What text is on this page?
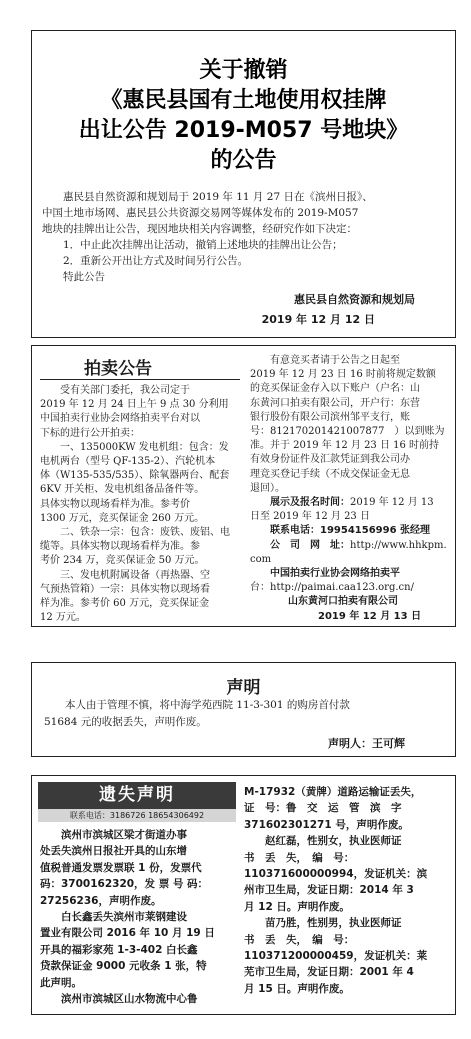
关于撤销
《惠民县国有土地使用权挂牌
出让公告 2019-M057 号地块》
的公告

　　惠民县自然资源和规划局于 2019 年 11 月 27 日在《滨州日报》、

中国土地市场网、惠民县公共资源交易网等媒体发布的 2019-M057

地块的挂牌出让公告，现因地块相关内容调整，经研究作如下决定：

　　1．中止此次挂牌出让活动，撤销上述地块的挂牌出让公告；

　　2．重新公开出让方式及时间另行公告。

　　特此公告

惠民县自然资源和规划局
2019 年 12 月 12 日
拍卖公告

　　受有关部门委托，我公司定于

2019 年 12 月 24 日上午 9 点 30 分利用

中国拍卖行业协会网络拍卖平台对以

下标的进行公开拍卖：

　　一、135000KW 发电机组：包含：发

电机两台（型号 QF-135-2）、汽轮机本

体（W135-535/535）、除氧器两台、配套

6KV 开关柜、发电机组备品备件等。

具体实物以现场看样为准。参考价

1300 万元，竞买保证金 260 万元。

　　二、铁杂一宗：包含：废铁、废铝、电

缆等。具体实物以现场看样为准。参

考价 234 万，竞买保证金 50 万元。

　　三、发电机附属设备（再热器、空

气预热管箱）一宗：具体实物以现场看

样为准。参考价 60 万元，竞买保证金

12 万元。

　　有意竞买者请于公告之日起至

2019 年 12 月 23 日 16 时前将规定数额

的竞买保证金存入以下账户（户名：山

东黄河口拍卖有限公司，开户行：东营

银行股份有限公司滨州邹平支行，账

号：812170201421007877　）以到账为

准。并于 2019 年 12 月 23 日 16 时前持

有效身份证件及汇款凭证到我公司办

理竞买登记手续（不成交保证金无息

退回）。

　　展示及报名时间：2019 年 12 月 13

日至 2019 年 12 月 23 日

联系电话：19954156996 张经理

公　司　网　址：http://www.hhkpm.

com

中国拍卖行业协会网络拍卖平

台：http://paimai.caa123.org.cn/

山东黄河口拍卖有限公司

2019 年 12 月 13 日

声明
　　本人由于管理不慎，将中海学苑西院 11-3-301 的购房首付款
51684 元的收据丢失，声明作废。
声明人：王可辉
遗失声明
联系电话：3186726 18654306492

　　滨州市滨城区梁才街道办事

处丢失滨州日报社开具的山东增

值税普通发票发票联 1 份，发票代

码：3700162320，发 票 号 码：

27256236，声明作废。

　　白长鑫丢失滨州市莱钢建设

置业有限公司 2016 年 10 月 19 日

开具的福彩家苑 1-3-402 白长鑫

贷款保证金 9000 元收条 1 张，特

此声明。

　　滨州市滨城区山水物流中心鲁

M-17932（黄牌）道路运输证丢失，

证　号：鲁　交　运　管　滨　字

371602301271 号，声明作废。

　　赵红磊，性别女，执业医师证

书　丢　失，　编　号：

110371600000994，发证机关：滨

州市卫生局，发证日期：2014 年 3

月 12 日。声明作废。

　　苗乃胜，性别男，执业医师证

书　丢　失，　编　号：

110371200000459，发证机关：莱

芜市卫生局，发证日期：2001 年 4

月 15 日。声明作废。
